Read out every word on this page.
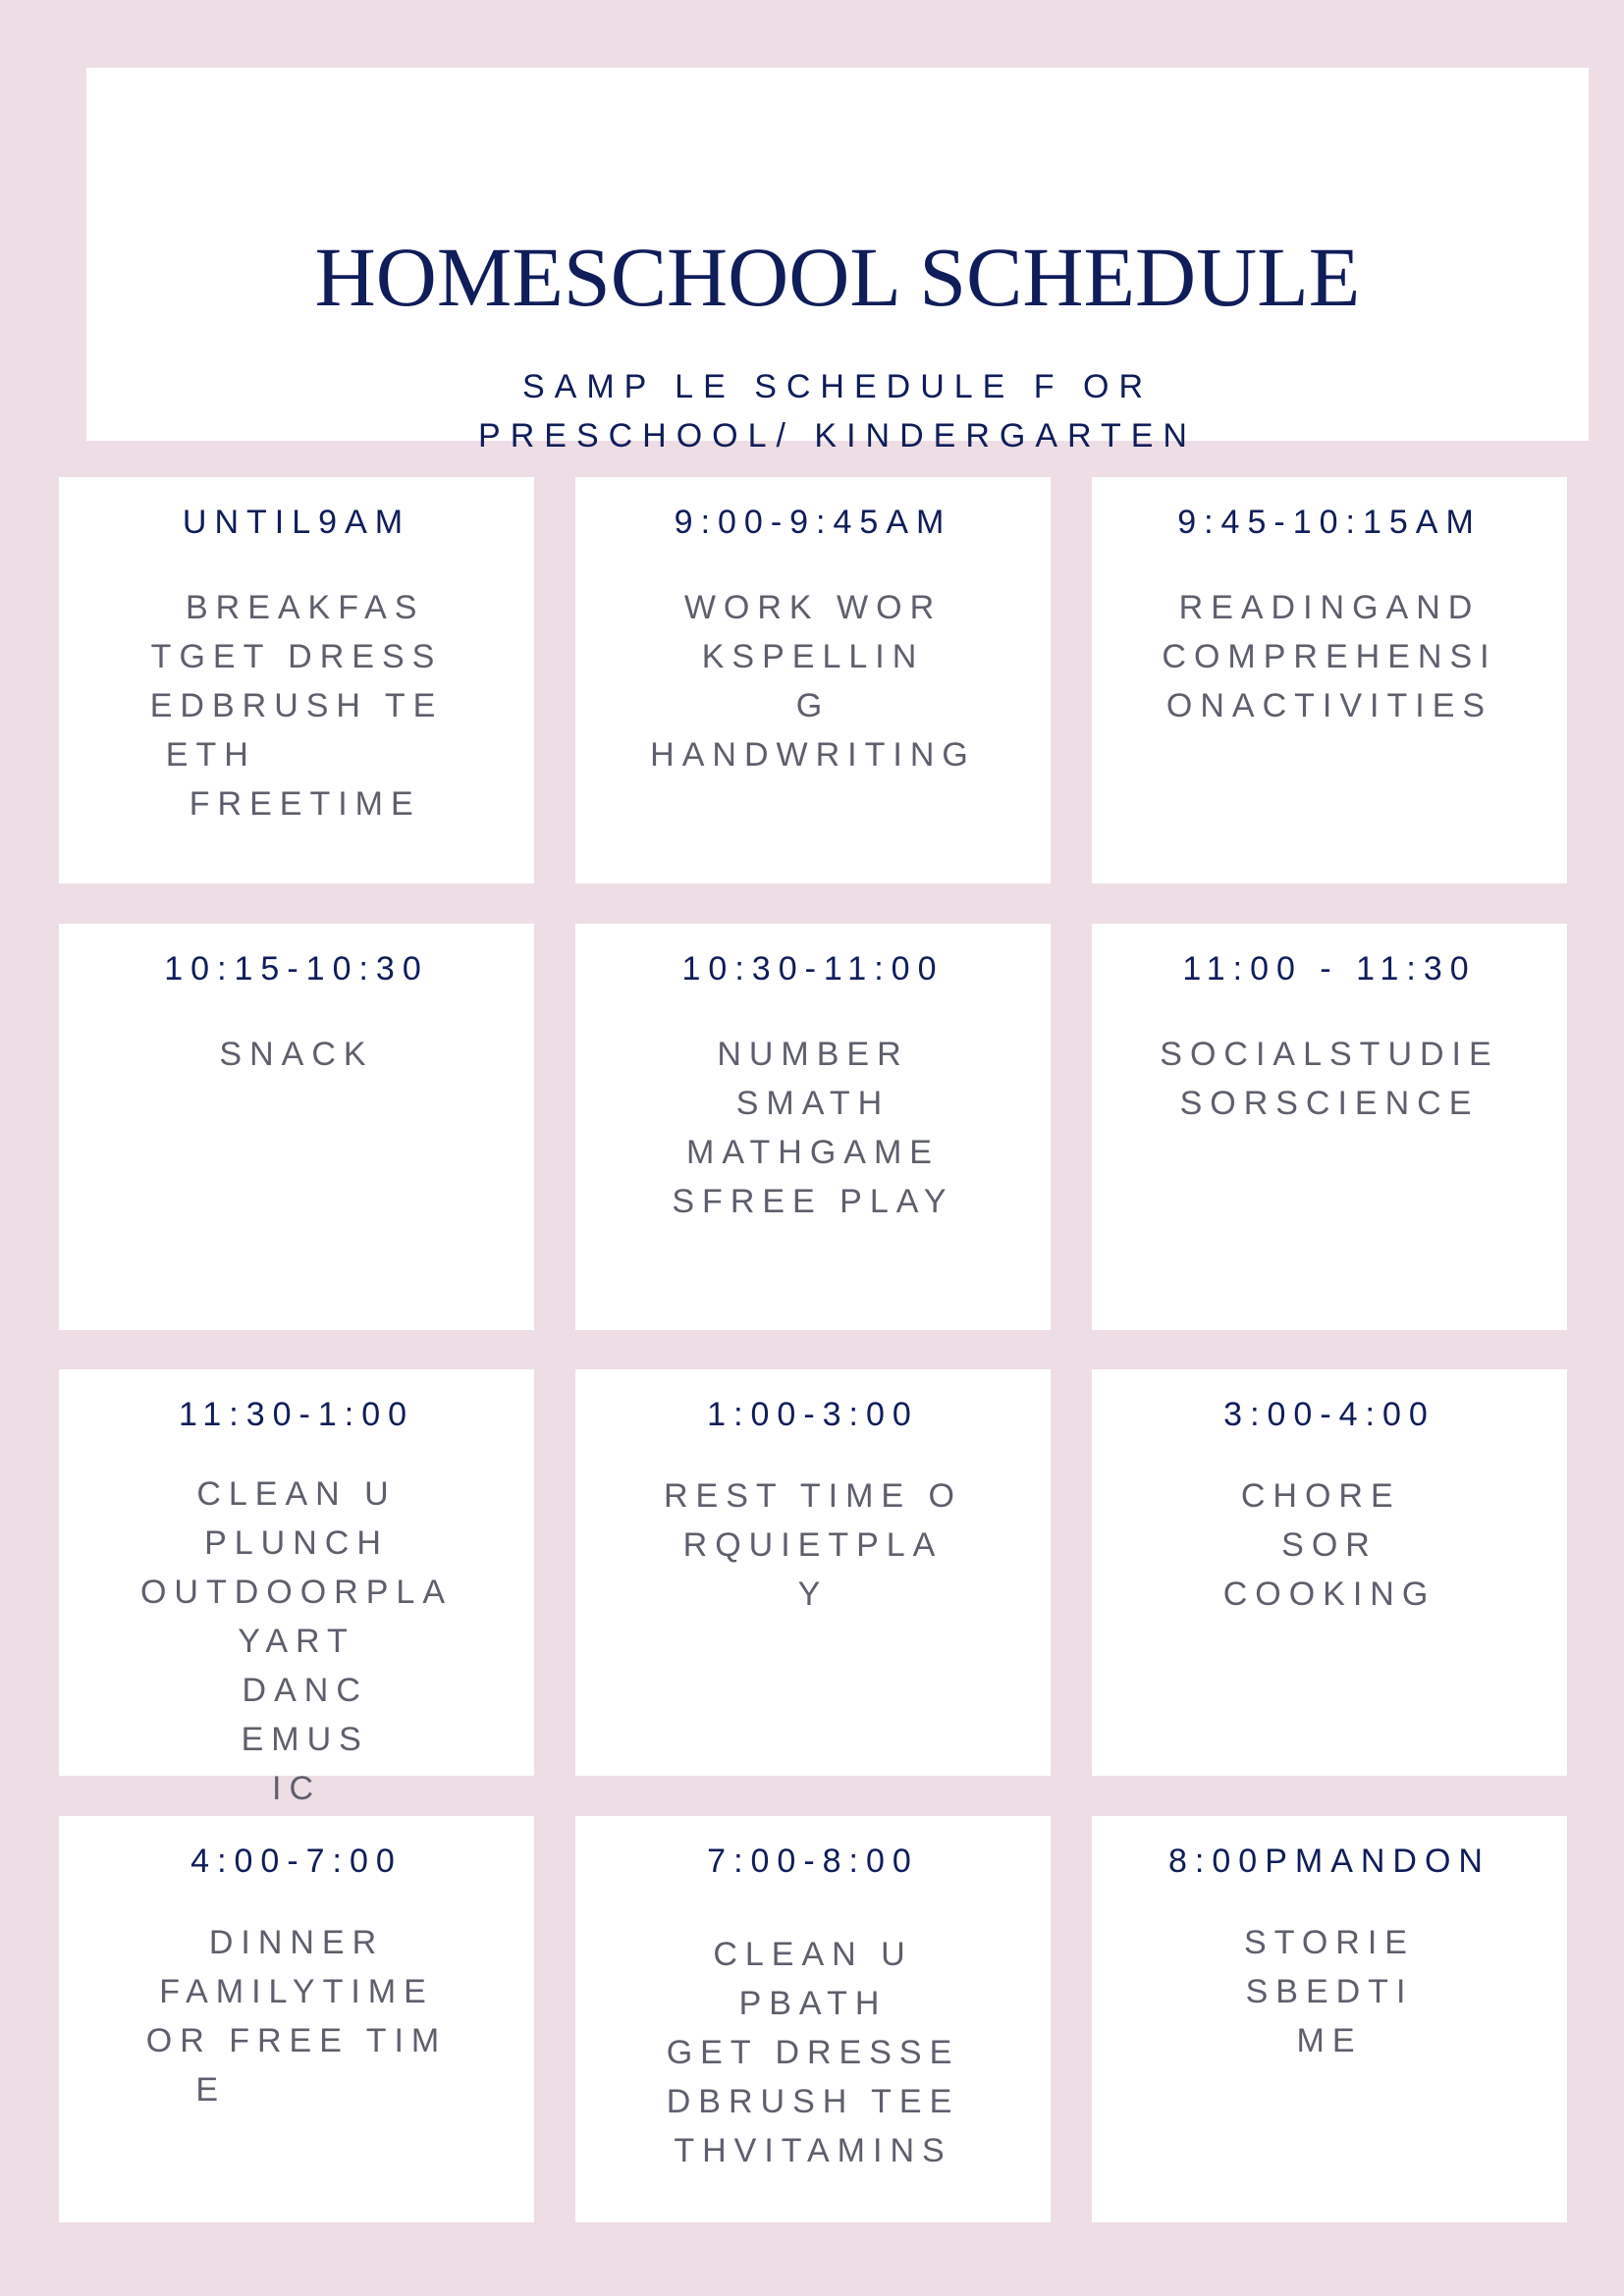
HOMESCHOOL SCHEDULE
SAMP LE SCHEDULE F OR
PRESCHOOL/ KINDERGARTEN
UNTIL9AM
BREAKFAS
TGET DRESS
EDBRUSH TE
ETH
FREETIME
9:00-9:45AM
WORK WOR
KSPELLIN
G
HANDWRITING
9:45-10:15AM
READINGAND
COMPREHENSI
ONACTIVITIES
10:15-10:30
SNACK
10:30-11:00
NUMBER
SMATH
MATHGAME
SFREE PLAY
11:00 - 11:30
SOCIALSTUDIE
SORSCIENCE
11:30-1:00
CLEAN U
PLUNCH
OUTDOORPLA
YART
DANC
EMUS
IC
1:00-3:00
REST TIME O
RQUIETPLA
Y
3:00-4:00
CHORE
SOR
COOKING
4:00-7:00
DINNER
FAMILYTIME
OR FREE TIM
E
7:00-8:00
CLEAN U
PBATH
GET DRESSE
DBRUSH TEE
THVITAMINS
8:00PMANDON
STORIE
SBEDTI
ME
